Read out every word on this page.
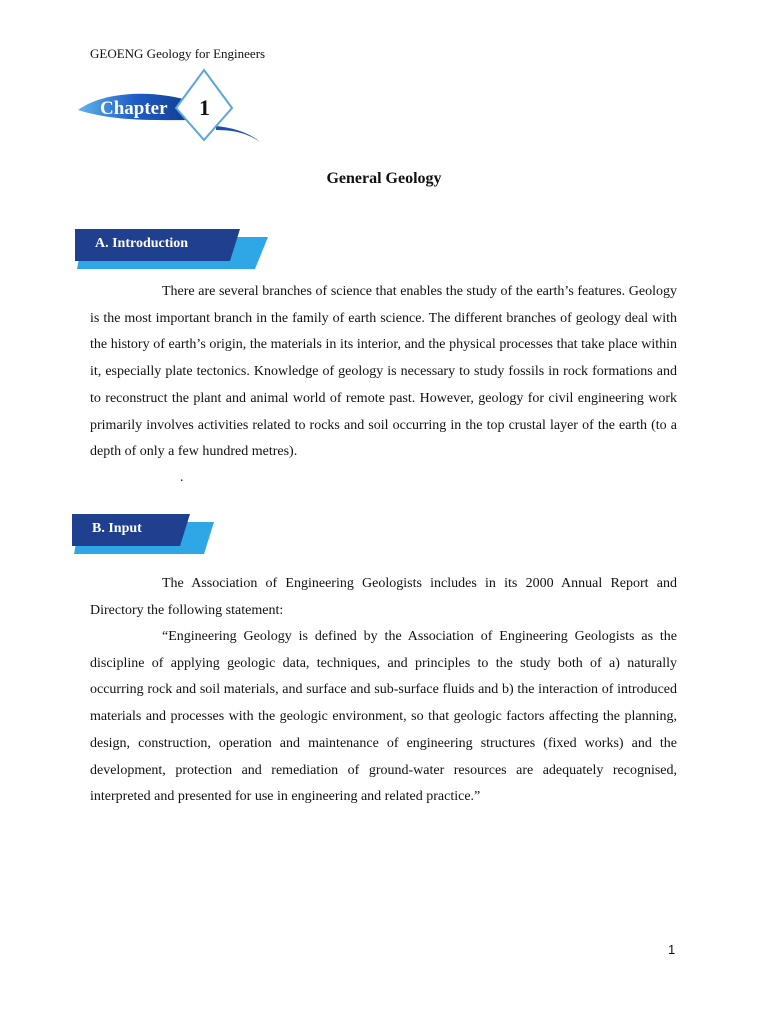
GEOENG Geology for Engineers
Chapter 1
General Geology
A. Introduction

There are several branches of science that enables the study of the earth’s features. Geology is the most important branch in the family of earth science. The different branches of geology deal with the history of earth’s origin, the materials in its interior, and the physical processes that take place within it, especially plate tectonics. Knowledge of geology is necessary to study fossils in rock formations and to reconstruct the plant and animal world of remote past. However, geology for civil engineering work primarily involves activities related to rocks and soil occurring in the top crustal layer of the earth (to a depth of only a few hundred metres).

.
B. Input

The Association of Engineering Geologists includes in its 2000 Annual Report and Directory the following statement:

“Engineering Geology is defined by the Association of Engineering Geologists as the discipline of applying geologic data, techniques, and principles to the study both of a) naturally occurring rock and soil materials, and surface and sub-surface fluids and b) the interaction of introduced materials and processes with the geologic environment, so that geologic factors affecting the planning, design, construction, operation and maintenance of engineering structures (fixed works) and the development, protection and remediation of ground-water resources are adequately recognised, interpreted and presented for use in engineering and related practice.”

1
